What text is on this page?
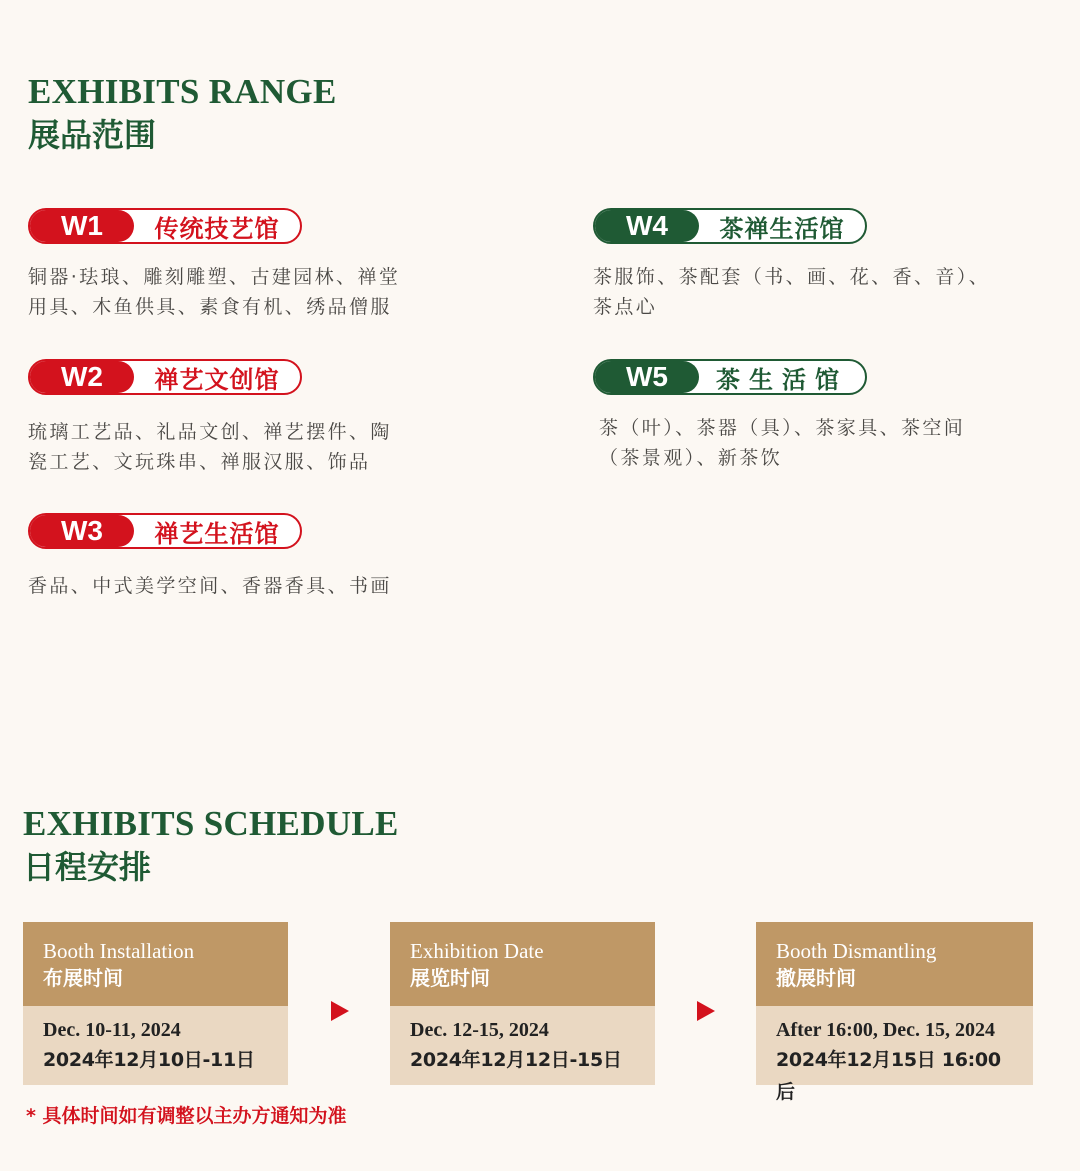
EXHIBITS RANGE
展品范围
W1	传统技艺馆
铜器·珐琅、雕刻雕塑、古建园林、禅堂
用具、木鱼供具、素食有机、绣品僧服
W2	禅艺文创馆
琉璃工艺品、礼品文创、禅艺摆件、陶
瓷工艺、文玩珠串、禅服汉服、饰品
W3	禅艺生活馆
香品、中式美学空间、香器香具、书画
W4	茶禅生活馆
茶服饰、茶配套（书、画、花、香、音）、
茶点心
W5	茶生活馆
茶（叶）、茶器（具）、茶家具、茶空间
（茶景观）、新茶饮
EXHIBITS SCHEDULE
日程安排
Booth Installation
布展时间
Dec. 10-11, 2024
2024年12月10日-11日
Exhibition Date
展览时间
Dec. 12-15, 2024
2024年12月12日-15日
Booth Dismantling
撤展时间
After 16:00, Dec. 15, 2024
2024年12月15日 16:00后
* 具体时间如有调整以主办方通知为准
